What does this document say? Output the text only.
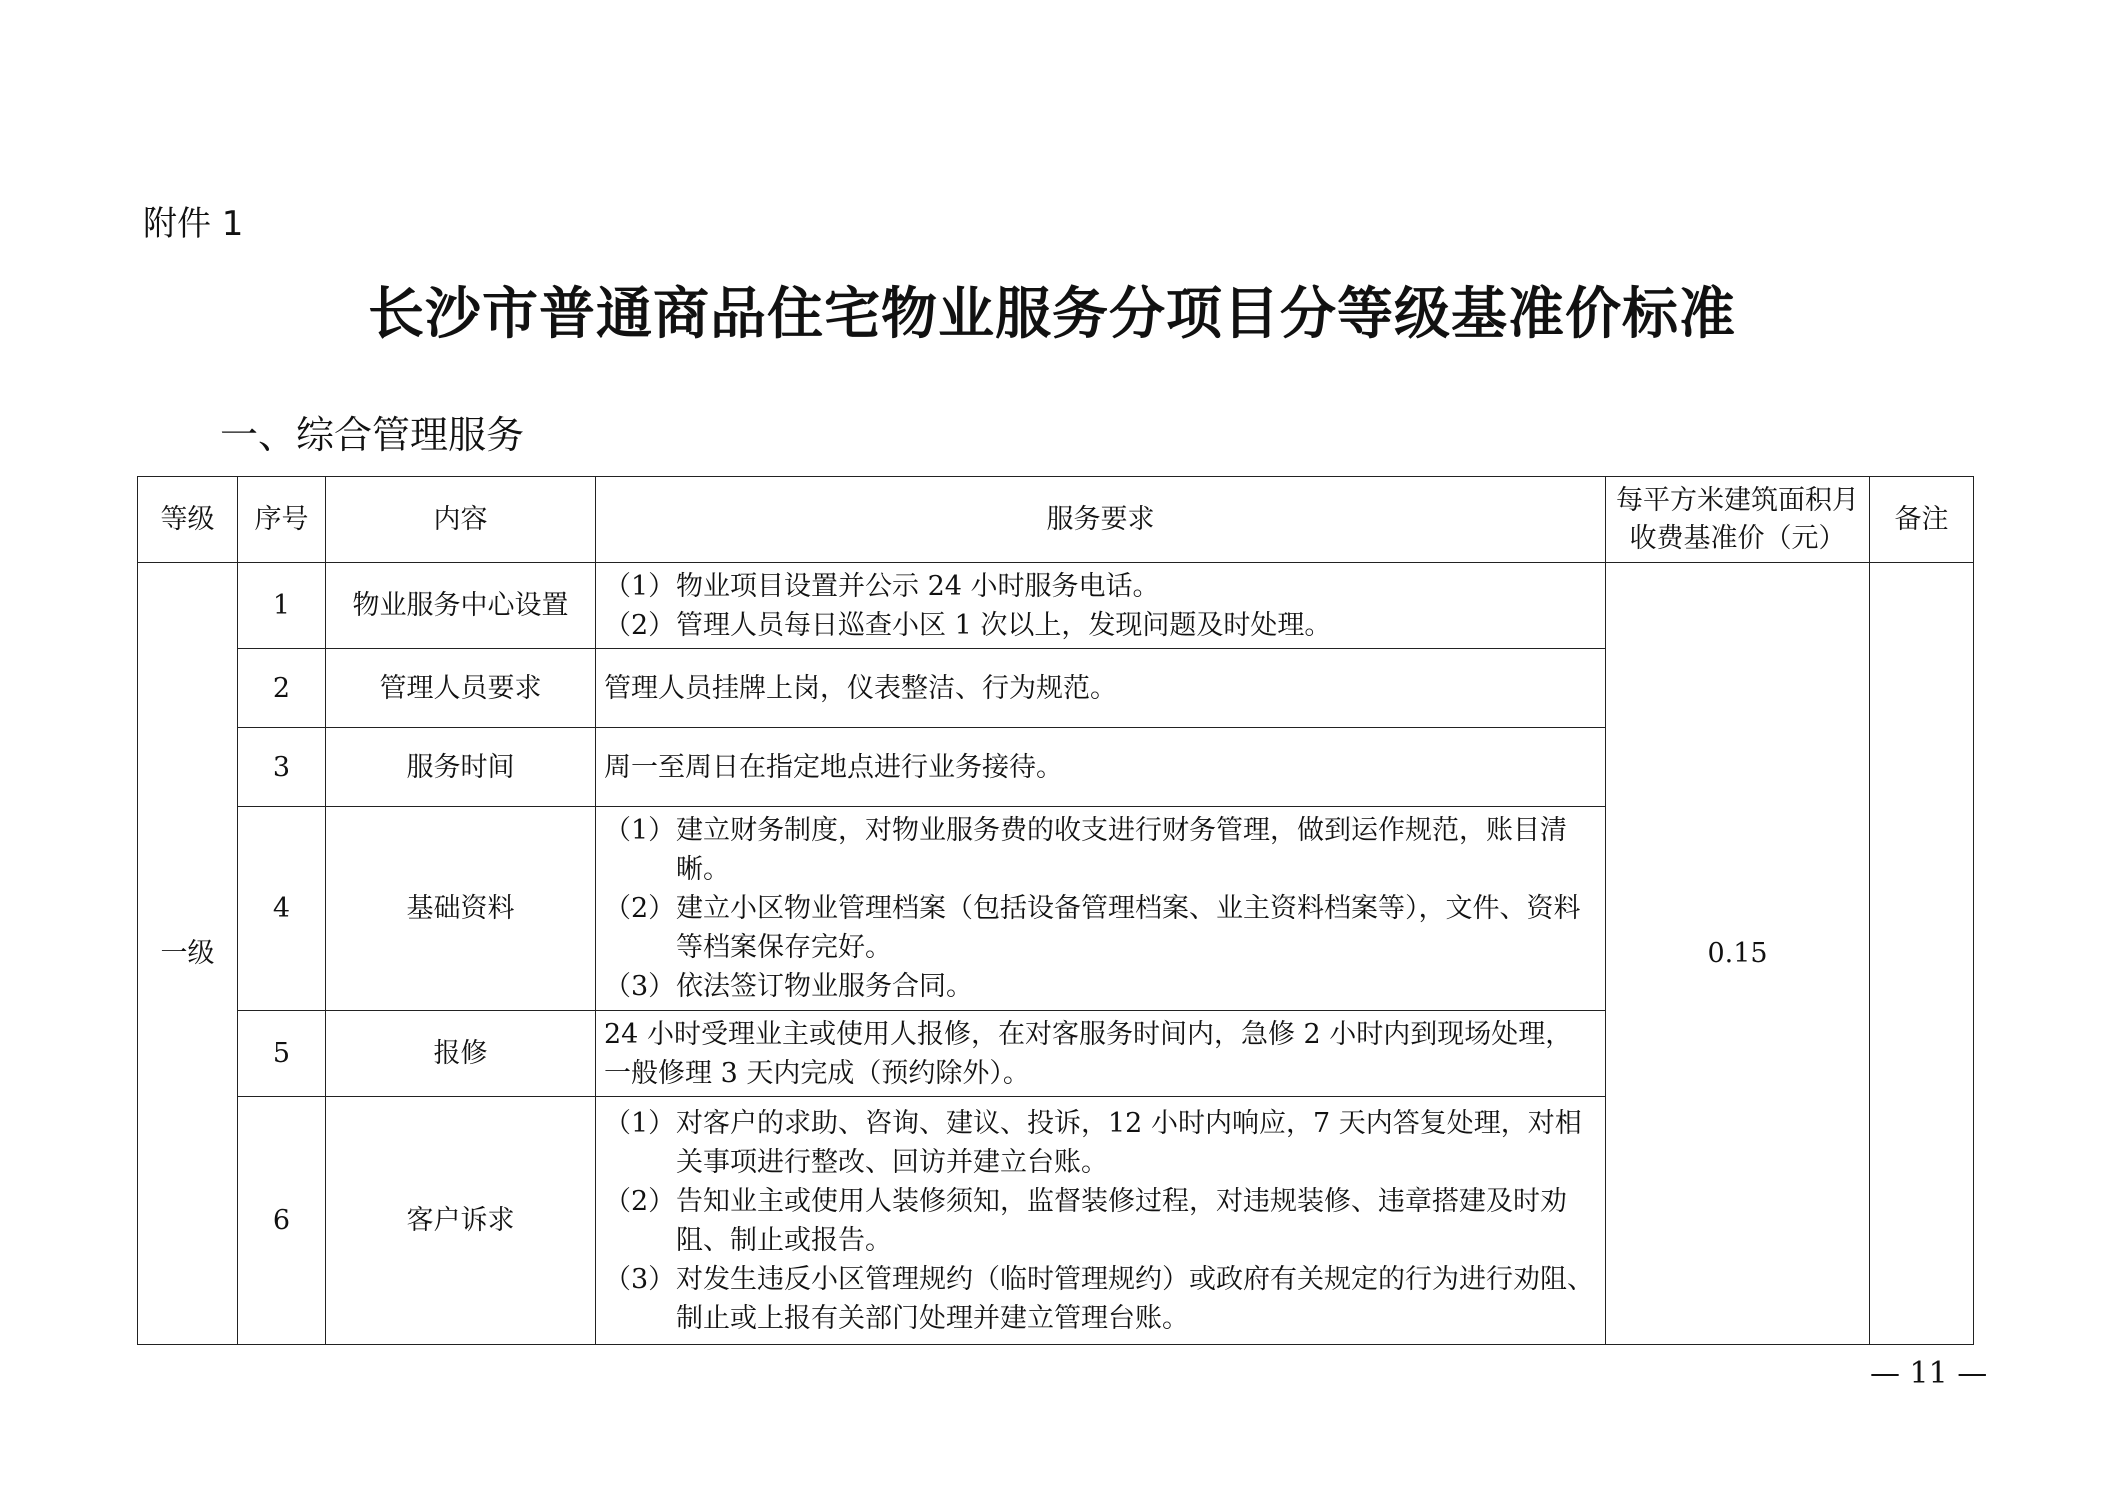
附件 1
长沙市普通商品住宅物业服务分项目分等级基准价标准
一、综合管理服务
等级	序号	内容	服务要求	每平方米建筑面积月收费基准价（元）	备注
一级	1	物业服务中心设置	（1）物业项目设置并公示 24 小时服务电话。
（2）管理人员每日巡查小区 1 次以上，发现问题及时处理。	0.15	
	2	管理人员要求	管理人员挂牌上岗，仪表整洁、行为规范。		
	3	服务时间	周一至周日在指定地点进行业务接待。		
	4	基础资料	（1）建立财务制度，对物业服务费的收支进行财务管理，做到运作规范，账目清晰。
（2）建立小区物业管理档案（包括设备管理档案、业主资料档案等），文件、资料等档案保存完好。
（3）依法签订物业服务合同。		

	5	报修	24 小时受理业主或使用人报修，在对客服务时间内，急修 2 小时内到现场处理，一般修理 3 天内完成（预约除外）。		
	6	客户诉求	（1）对客户的求助、咨询、建议、投诉，12 小时内响应，7 天内答复处理，对相关事项进行整改、回访并建立台账。
（2）告知业主或使用人装修须知，监督装修过程，对违规装修、违章搭建及时劝阻、制止或报告。
（3）对发生违反小区管理规约（临时管理规约）或政府有关规定的行为进行劝阻、制止或上报有关部门处理并建立管理台账。		
— 11 —
